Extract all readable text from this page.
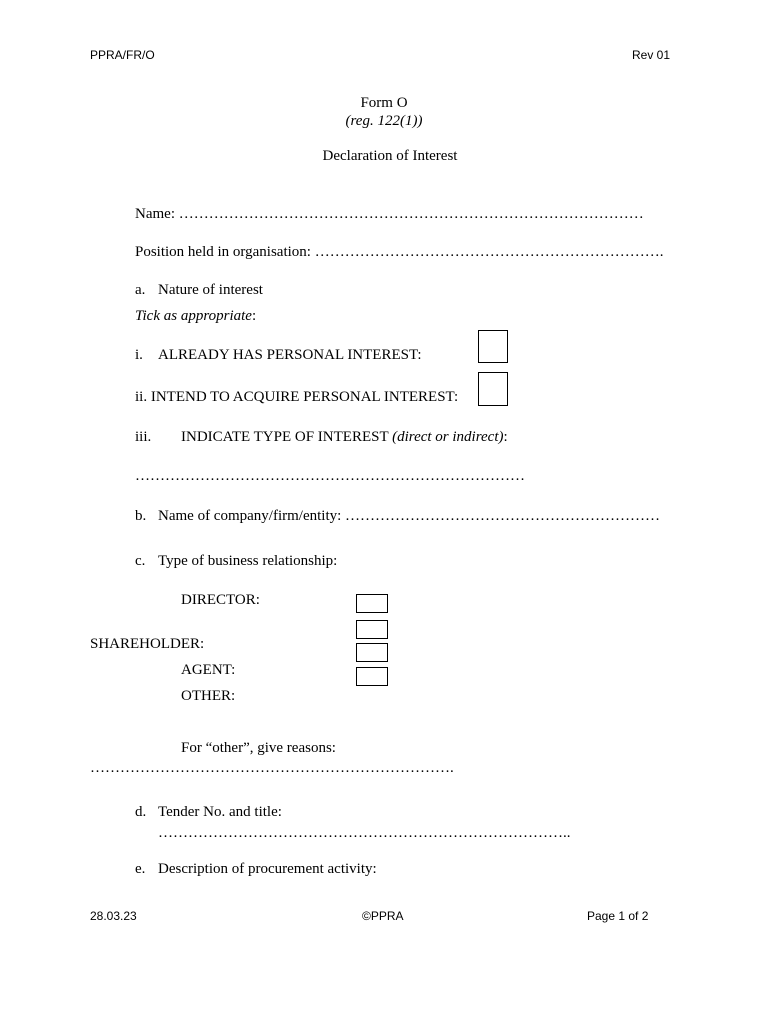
PPRA/FR/O	Rev 01
Form O
(reg. 122(1))
Declaration of Interest
Name: …………………………………………………………………………………
Position held in organisation: …………………………………………………………….
a. Nature of interest
Tick as appropriate:
i. ALREADY HAS PERSONAL INTEREST:
ii. INTEND TO ACQUIRE PERSONAL INTEREST:
iii. INDICATE TYPE OF INTEREST (direct or indirect):
……………………………………………………………………
b. Name of company/firm/entity: ………………………………………………………
c. Type of business relationship:
DIRECTOR:
SHAREHOLDER:
AGENT:
OTHER:
For “other”, give reasons:
……………………………………………………………….
d. Tender No. and title:
………………………………………………………………………..
e. Description of procurement activity:
28.03.23	©PPRA	Page 1 of 2
